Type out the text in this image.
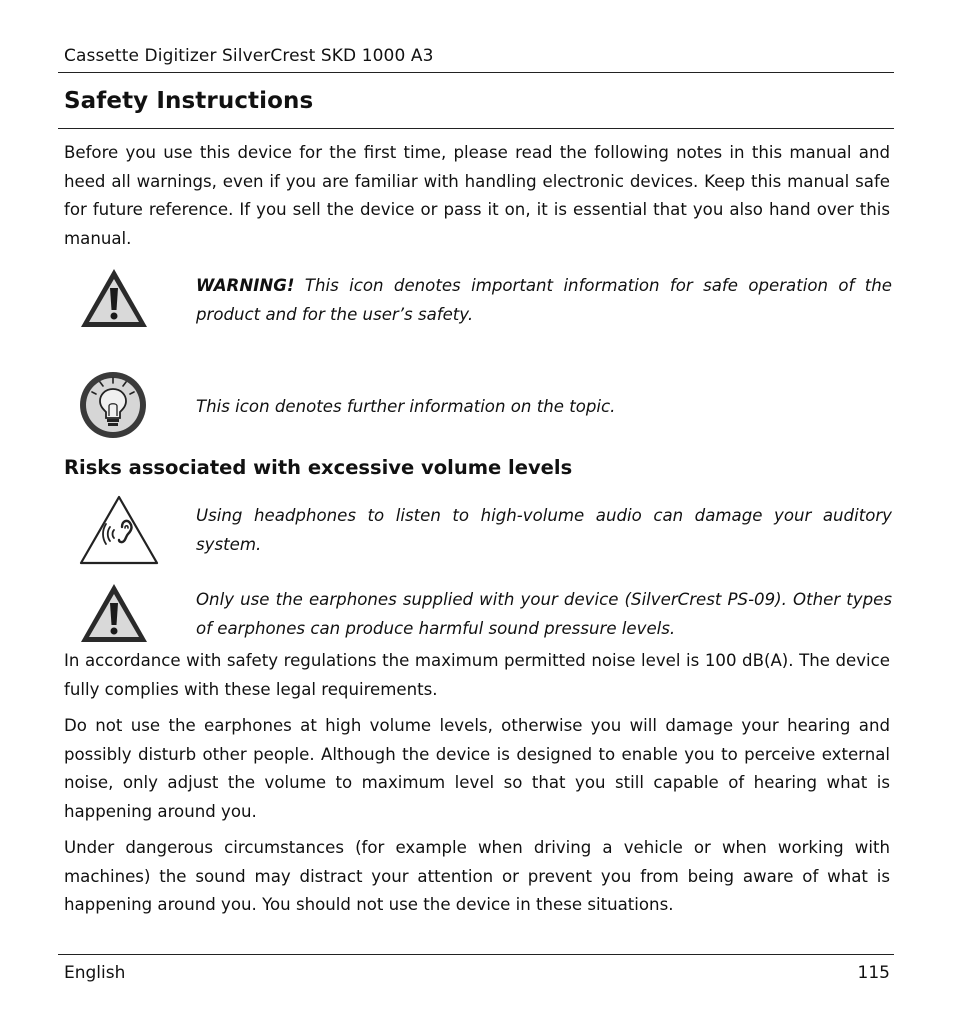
Cassette Digitizer SilverCrest SKD 1000 A3
Safety Instructions

Before you use this device for the first time, please read the following notes in this manual and heed all warnings, even if you are familiar with handling electronic devices. Keep this manual safe for future reference. If you sell the device or pass it on, it is essential that you also hand over this manual.

WARNING! This icon denotes important information for safe operation of the product and for the user’s safety.

This icon denotes further information on the topic.

Risks associated with excessive volume levels

Using headphones to listen to high-volume audio can damage your auditory system.

Only use the earphones supplied with your device (SilverCrest PS-09). Other types of earphones can produce harmful sound pressure levels.

In accordance with safety regulations the maximum permitted noise level is 100 dB(A). The device fully complies with these legal requirements.

Do not use the earphones at high volume levels, otherwise you will damage your hearing and possibly disturb other people. Although the device is designed to enable you to perceive external noise, only adjust the volume to maximum level so that you still capable of hearing what is happening around you.

Under dangerous circumstances (for example when driving a vehicle or when working with machines) the sound may distract your attention or prevent you from being aware of what is happening around you. You should not use the device in these situations.

English	115
